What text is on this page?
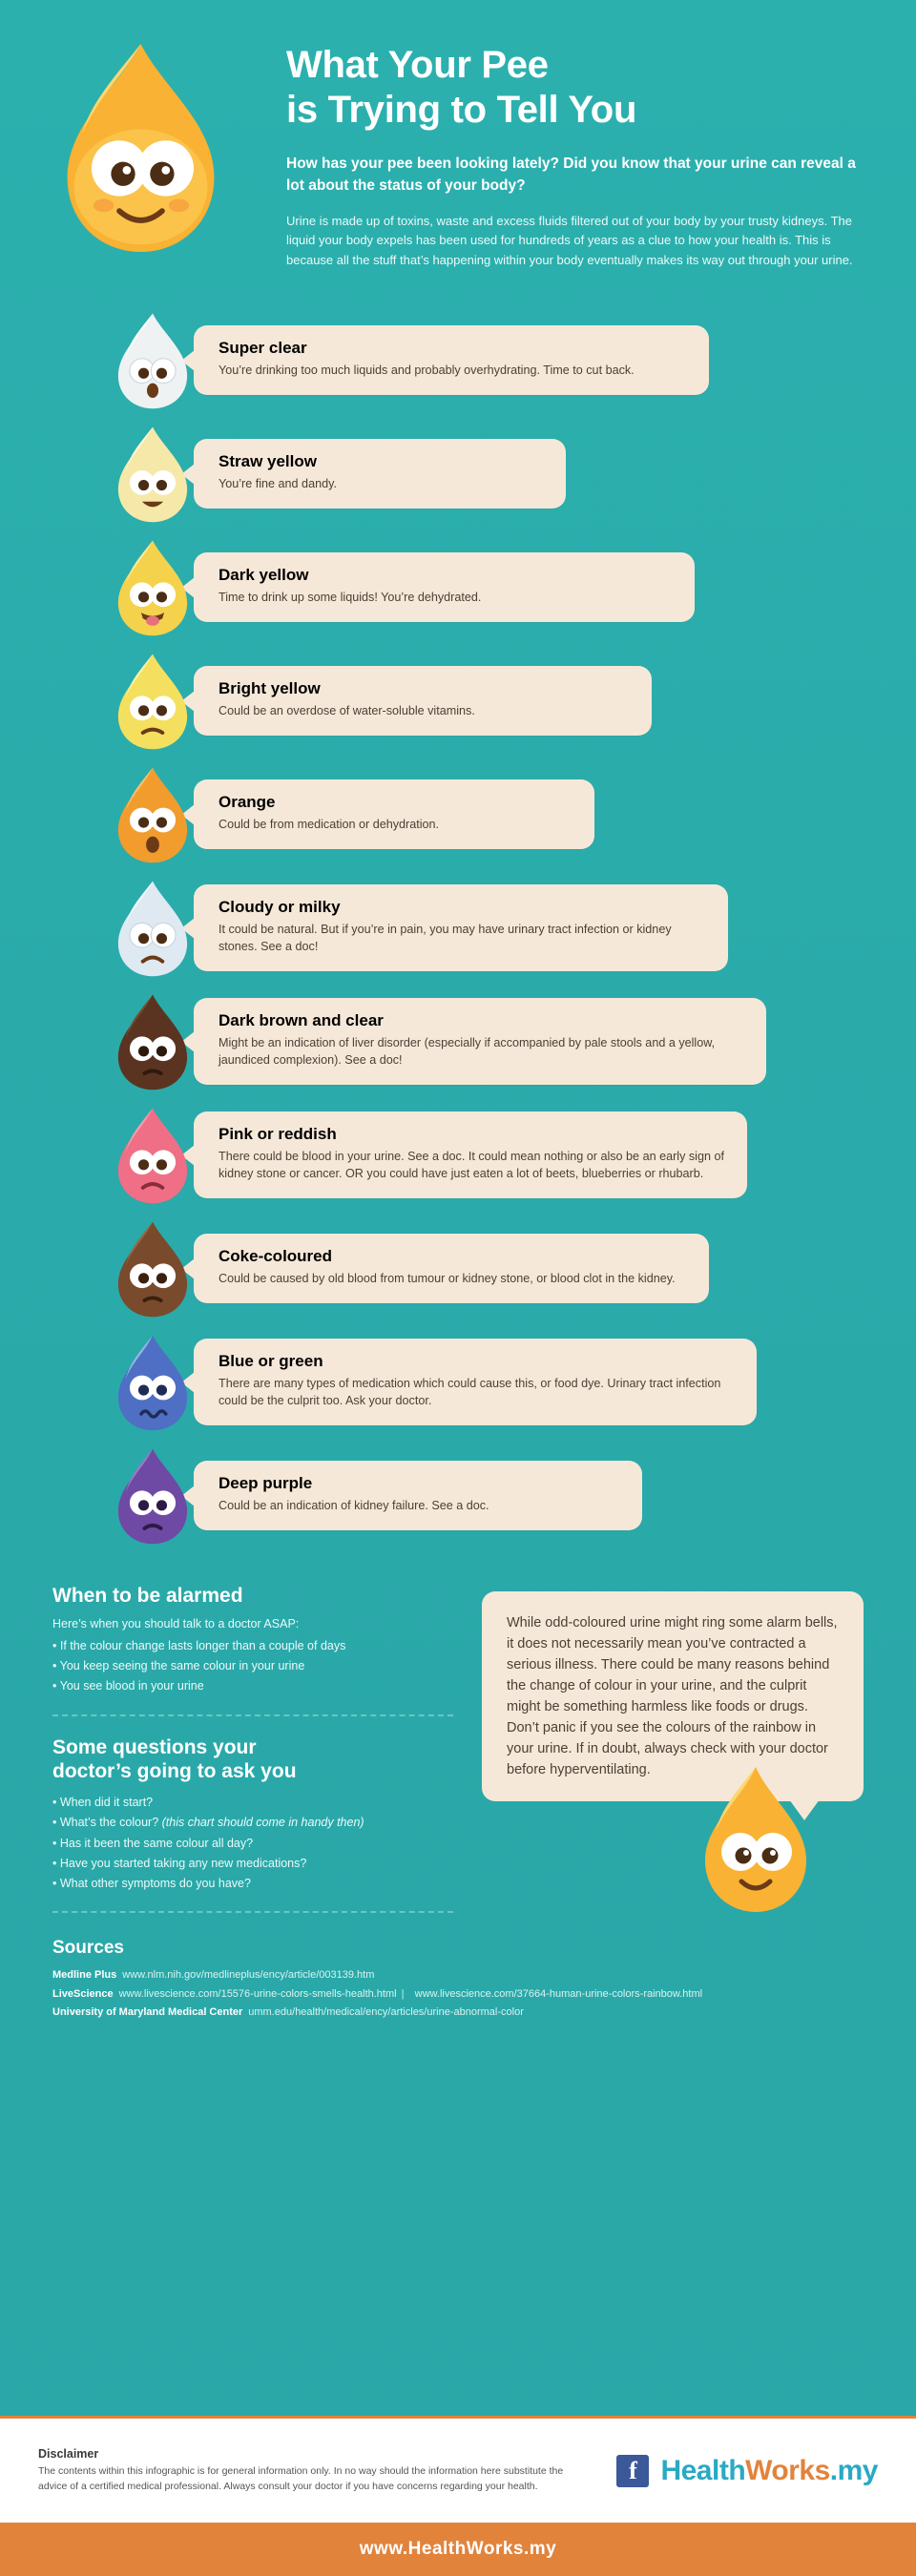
What Your Pee
is Trying to Tell You

How has your pee been looking lately? Did you know that your urine can reveal a lot about the status of your body?

Urine is made up of toxins, waste and excess fluids filtered out of your body by your trusty kidneys. The liquid your body expels has been used for hundreds of years as a clue to how your health is. This is because all the stuff that’s happening within your body eventually makes its way out through your urine.

Super clear

You’re drinking too much liquids and probably overhydrating. Time to cut back.

Straw yellow

You’re fine and dandy.

Dark yellow

Time to drink up some liquids! You’re dehydrated.

Bright yellow

Could be an overdose of water-soluble vitamins.

Orange

Could be from medication or dehydration.

Cloudy or milky

It could be natural. But if you’re in pain, you may have urinary tract infection or kidney stones. See a doc!

Dark brown and clear

Might be an indication of liver disorder (especially if accompanied by pale stools and a yellow, jaundiced complexion). See a doc!

Pink or reddish

There could be blood in your urine. See a doc. It could mean nothing or also be an early sign of kidney stone or cancer. OR you could have just eaten a lot of beets, blueberries or rhubarb.

Coke-coloured

Could be caused by old blood from tumour or kidney stone, or blood clot in the kidney.

Blue or green

There are many types of medication which could cause this, or food dye. Urinary tract infection could be the culprit too. Ask your doctor.

Deep purple

Could be an indication of kidney failure. See a doc.

When to be alarmed

Here’s when you should talk to a doctor ASAP:

• If the colour change lasts longer than a couple of days
• You keep seeing the same colour in your urine
• You see blood in your urine
Some questions your
doctor’s going to ask you
• When did it start?
• What’s the colour? (this chart should come in handy then)
• Has it been the same colour all day?
• Have you started taking any new medications?
• What other symptoms do you have?

While odd-coloured urine might ring some alarm bells, it does not necessarily mean you’ve contracted a serious illness. There could be many reasons behind the change of colour in your urine, and the culprit might be something harmless like foods or drugs. Don’t panic if you see the colours of the rainbow in your urine. If in doubt, always check with your doctor before hyperventilating.

Sources
Medline Plus www.nlm.nih.gov/medlineplus/ency/article/003139.htm
LiveScience www.livescience.com/15576-urine-colors-smells-health.html | www.livescience.com/37664-human-urine-colors-rainbow.html
University of Maryland Medical Center umm.edu/health/medical/ency/articles/urine-abnormal-color
Disclaimer

The contents within this infographic is for general information only. In no way should the information here substitute the advice of a certified medical professional. Always consult your doctor if you have concerns regarding your health.

f HealthWorks.my
www.HealthWorks.my
